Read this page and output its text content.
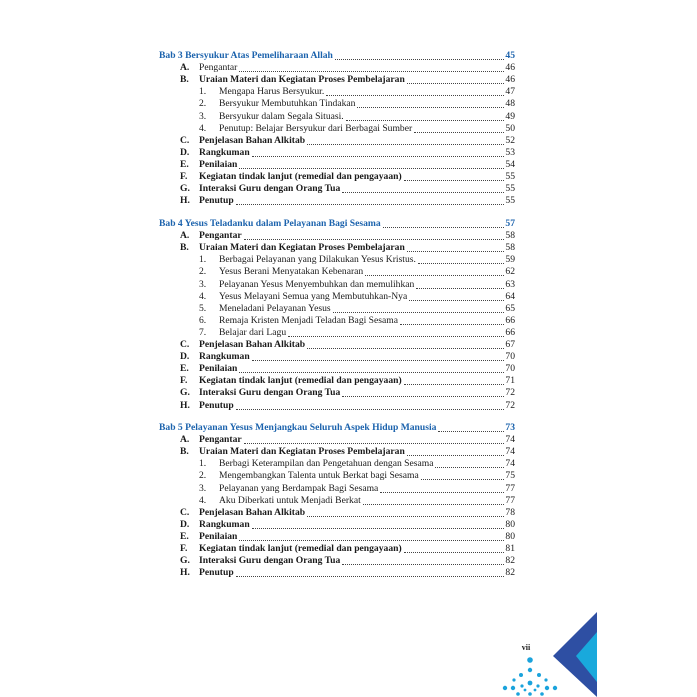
Bab 3 Bersyukur Atas Pemeliharaan Allah	45
A. Pengantar	46
B. Uraian Materi dan Kegiatan Proses Pembelajaran	46
1. Mengapa Harus Bersyukur.	47
2. Bersyukur Membutuhkan Tindakan	48
3. Bersyukur dalam Segala Situasi.	49
4. Penutup: Belajar Bersyukur dari Berbagai Sumber	50
C. Penjelasan Bahan Alkitab	52
D. Rangkuman	53
E. Penilaian	54
F. Kegiatan tindak lanjut (remedial dan pengayaan)	55
G. Interaksi Guru dengan Orang Tua	55
H. Penutup	55
Bab 4 Yesus Teladanku dalam Pelayanan Bagi Sesama	57
A. Pengantar	58
B. Uraian Materi dan Kegiatan Proses Pembelajaran	58
1. Berbagai Pelayanan yang Dilakukan Yesus Kristus.	59
2. Yesus Berani Menyatakan Kebenaran	62
3. Pelayanan Yesus Menyembuhkan dan memulihkan	63
4. Yesus Melayani Semua yang Membutuhkan-Nya	64
5. Meneladani Pelayanan Yesus	65
6. Remaja Kristen Menjadi Teladan Bagi Sesama	66
7. Belajar dari Lagu	66
C. Penjelasan Bahan Alkitab	67
D. Rangkuman	70
E. Penilaian	70
F. Kegiatan tindak lanjut (remedial dan pengayaan)	71
G. Interaksi Guru dengan Orang Tua	72
H. Penutup	72
Bab 5 Pelayanan Yesus Menjangkau Seluruh Aspek Hidup Manusia	73
A. Pengantar	74
B. Uraian Materi dan Kegiatan Proses Pembelajaran	74
1. Berbagi Keterampilan dan Pengetahuan dengan Sesama	74
2. Mengembangkan Talenta untuk Berkat bagi Sesama	75
3. Pelayanan yang Berdampak Bagi Sesama	77
4. Aku Diberkati untuk Menjadi Berkat	77
C. Penjelasan Bahan Alkitab	78
D. Rangkuman	80
E. Penilaian	80
F. Kegiatan tindak lanjut (remedial dan pengayaan)	81
G. Interaksi Guru dengan Orang Tua	82
H. Penutup	82
vii
